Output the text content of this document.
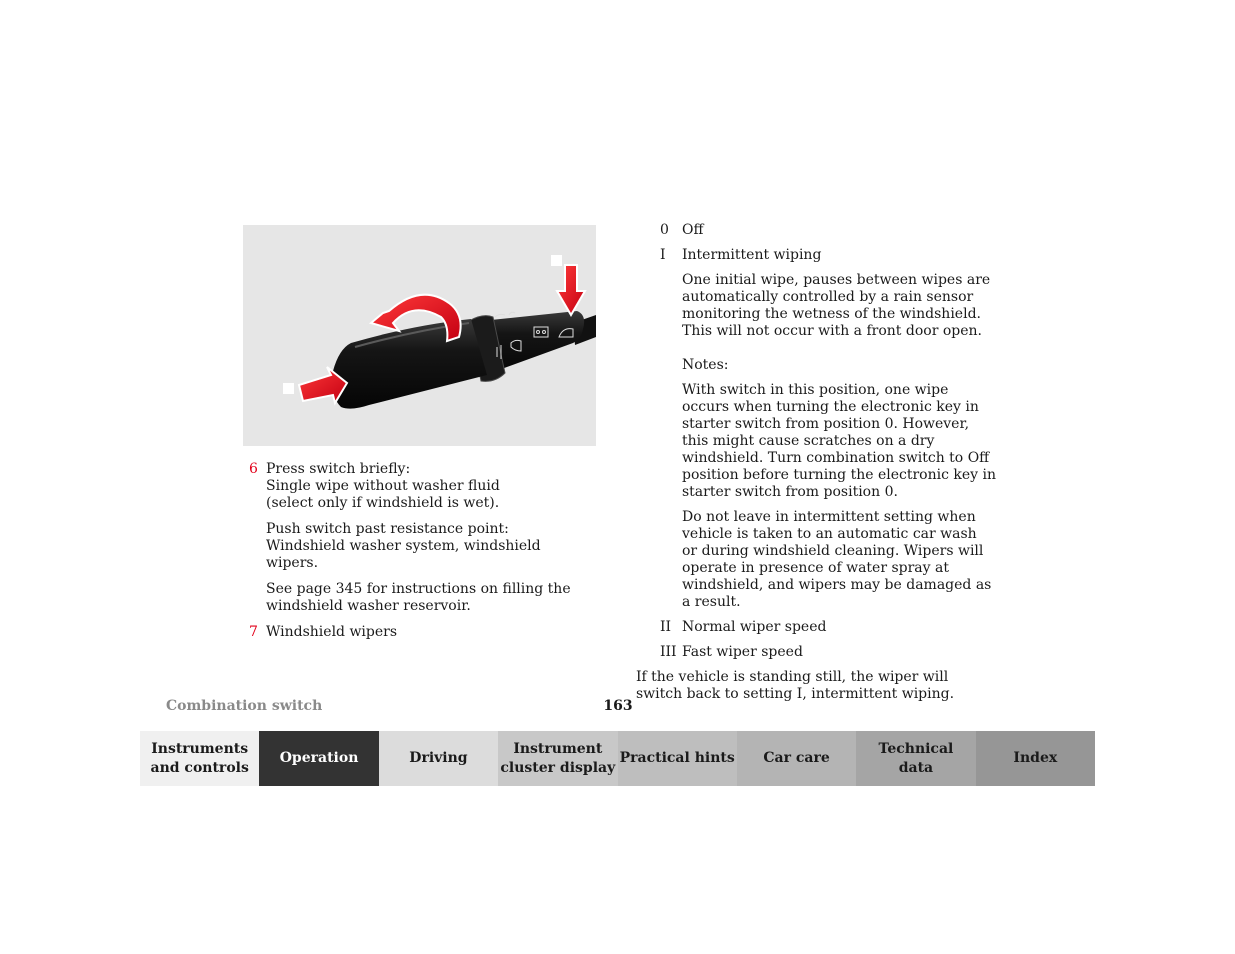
6 Press switch briefly:
Single wipe without washer fluid
(select only if windshield is wet).

Push switch past resistance point:
Windshield washer system, windshield wipers.

See page 345 for instructions on filling the windshield washer reservoir.

7 Windshield wipers

0 Off
I Intermittent wiping

One initial wipe, pauses between wipes are automatically controlled by a rain sensor monitoring the wetness of the windshield. This will not occur with a front door open.

Notes:

With switch in this position, one wipe occurs when turning the electronic key in starter switch from position 0. However, this might cause scratches on a dry windshield. Turn combination switch to Off position before turning the electronic key in starter switch from position 0.

Do not leave in intermittent setting when vehicle is taken to an automatic car wash or during windshield cleaning. Wipers will operate in presence of water spray at windshield, and wipers may be damaged as a result.

II Normal wiper speed
III Fast wiper speed

If the vehicle is standing still, the wiper will switch back to setting I, intermittent wiping.

Combination switch	163
Instruments
and controls
Operation	Driving
Instrument
cluster display
Practical hints	Car care
Technical
data
Index
